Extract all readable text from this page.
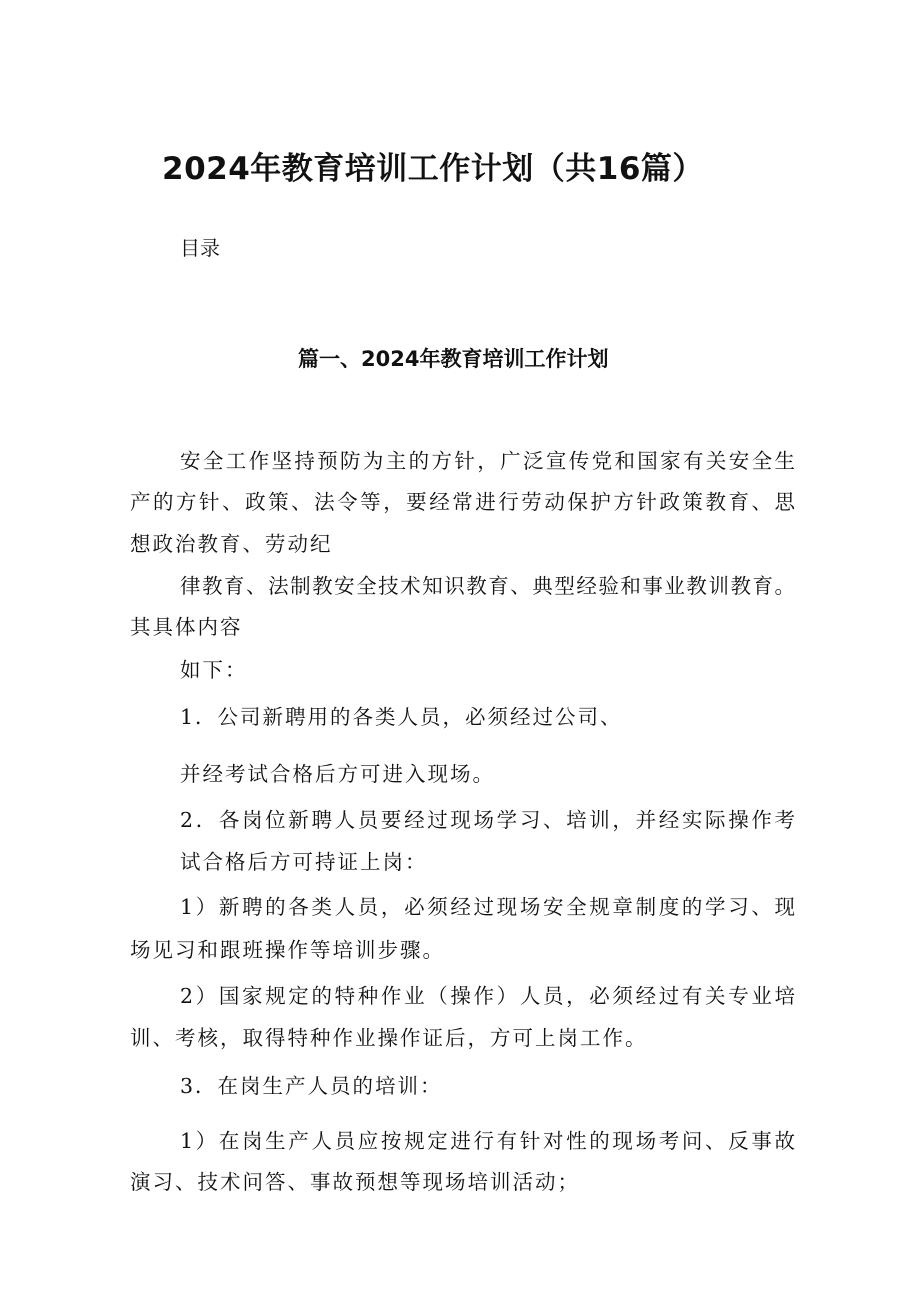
2024年教育培训工作计划（共16篇）
目录
篇一、2024年教育培训工作计划
安全工作坚持预防为主的方针，广泛宣传党和国家有关安全生
产的方针、政策、法令等，要经常进行劳动保护方针政策教育、思
想政治教育、劳动纪
律教育、法制教安全技术知识教育、典型经验和事业教训教育。
其具体内容
如下：
1．公司新聘用的各类人员，必须经过公司、
并经考试合格后方可进入现场。
2．各岗位新聘人员要经过现场学习、培训，并经实际操作考
试合格后方可持证上岗：
1）新聘的各类人员，必须经过现场安全规章制度的学习、现
场见习和跟班操作等培训步骤。
2）国家规定的特种作业（操作）人员，必须经过有关专业培
训、考核，取得特种作业操作证后，方可上岗工作。
3．在岗生产人员的培训：
1）在岗生产人员应按规定进行有针对性的现场考问、反事故
演习、技术问答、事故预想等现场培训活动；
